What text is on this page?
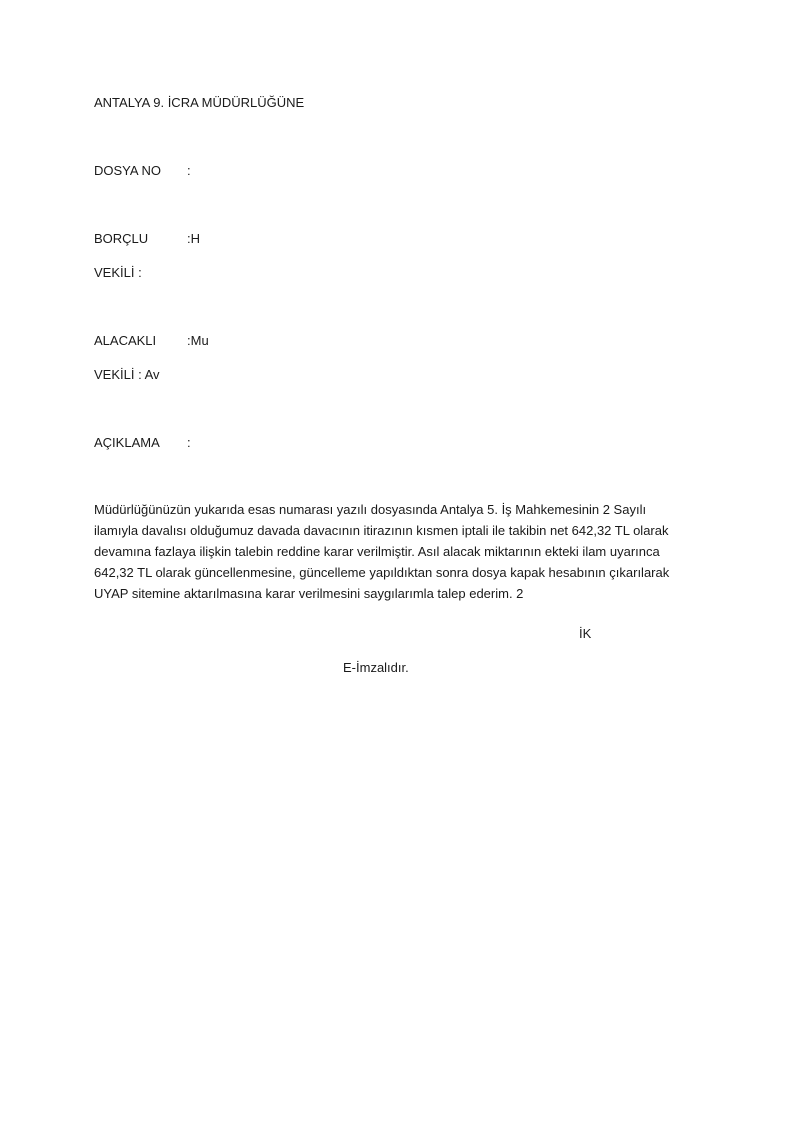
ANTALYA 9. İCRA MÜDÜRLÜĞÜNE
DOSYA NO :
BORÇLU	:H
VEKİLİ :
ALACAKLI :Mu
VEKİLİ : Av
AÇIKLAMA :
Müdürlüğünüzün yukarıda esas numarası yazılı dosyasında Antalya 5. İş Mahkemesinin 2 Sayılı
ilamıyla davalısı olduğumuz davada davacının itirazının kısmen iptali ile takibin net 642,32 TL olarak
devamına fazlaya ilişkin talebin reddine karar verilmiştir. Asıl alacak miktarının ekteki ilam uyarınca
642,32 TL olarak güncellenmesine, güncelleme yapıldıktan sonra dosya kapak hesabının çıkarılarak
UYAP sitemine aktarılmasına karar verilmesini saygılarımla talep ederim. 2
İK
E-İmzalıdır.
